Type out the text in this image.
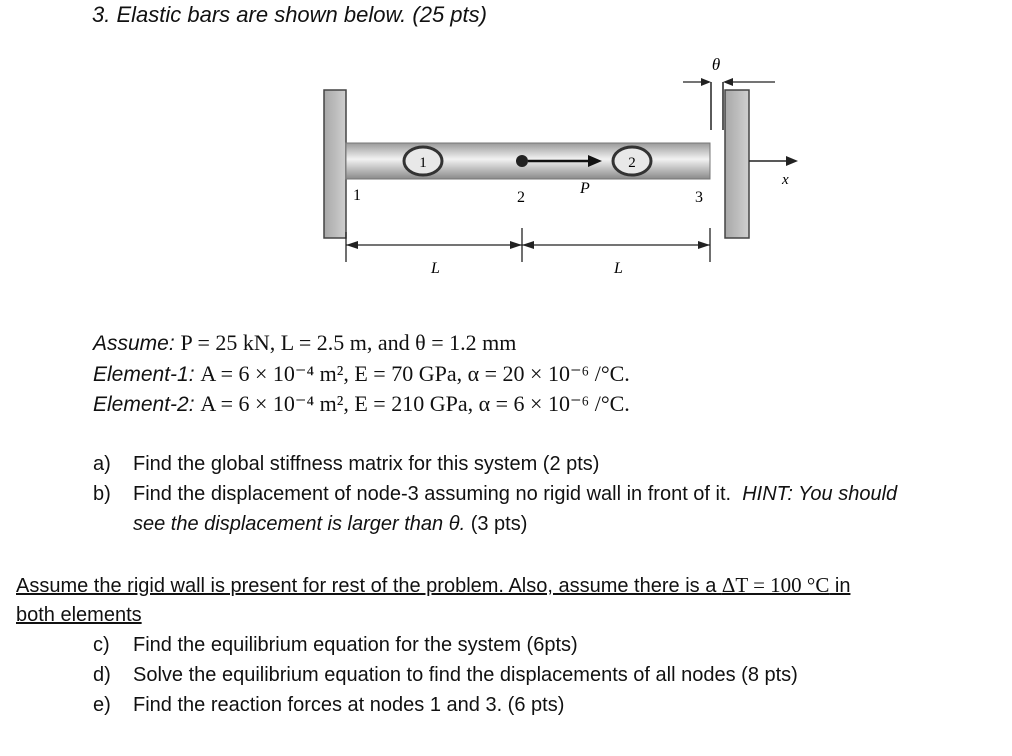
3. Elastic bars are shown below. (25 pts)
θ
1	2
P
1	2	3
x
L	L
Assume: P = 25 kN, L = 2.5 m, and θ = 1.2 mm
Element-1: A = 6 × 10⁻⁴ m², E = 70 GPa, α = 20 × 10⁻⁶ /°C.
Element-2: A = 6 × 10⁻⁴ m², E = 210 GPa, α = 6 × 10⁻⁶ /°C.
a) Find the global stiffness matrix for this system (2 pts)
b) Find the displacement of node-3 assuming no rigid wall in front of it. HINT: You should
see the displacement is larger than θ. (3 pts)
Assume the rigid wall is present for rest of the problem. Also, assume there is a ΔT = 100 °C in
both elements
c) Find the equilibrium equation for the system (6pts)
d) Solve the equilibrium equation to find the displacements of all nodes (8 pts)
e) Find the reaction forces at nodes 1 and 3. (6 pts)
